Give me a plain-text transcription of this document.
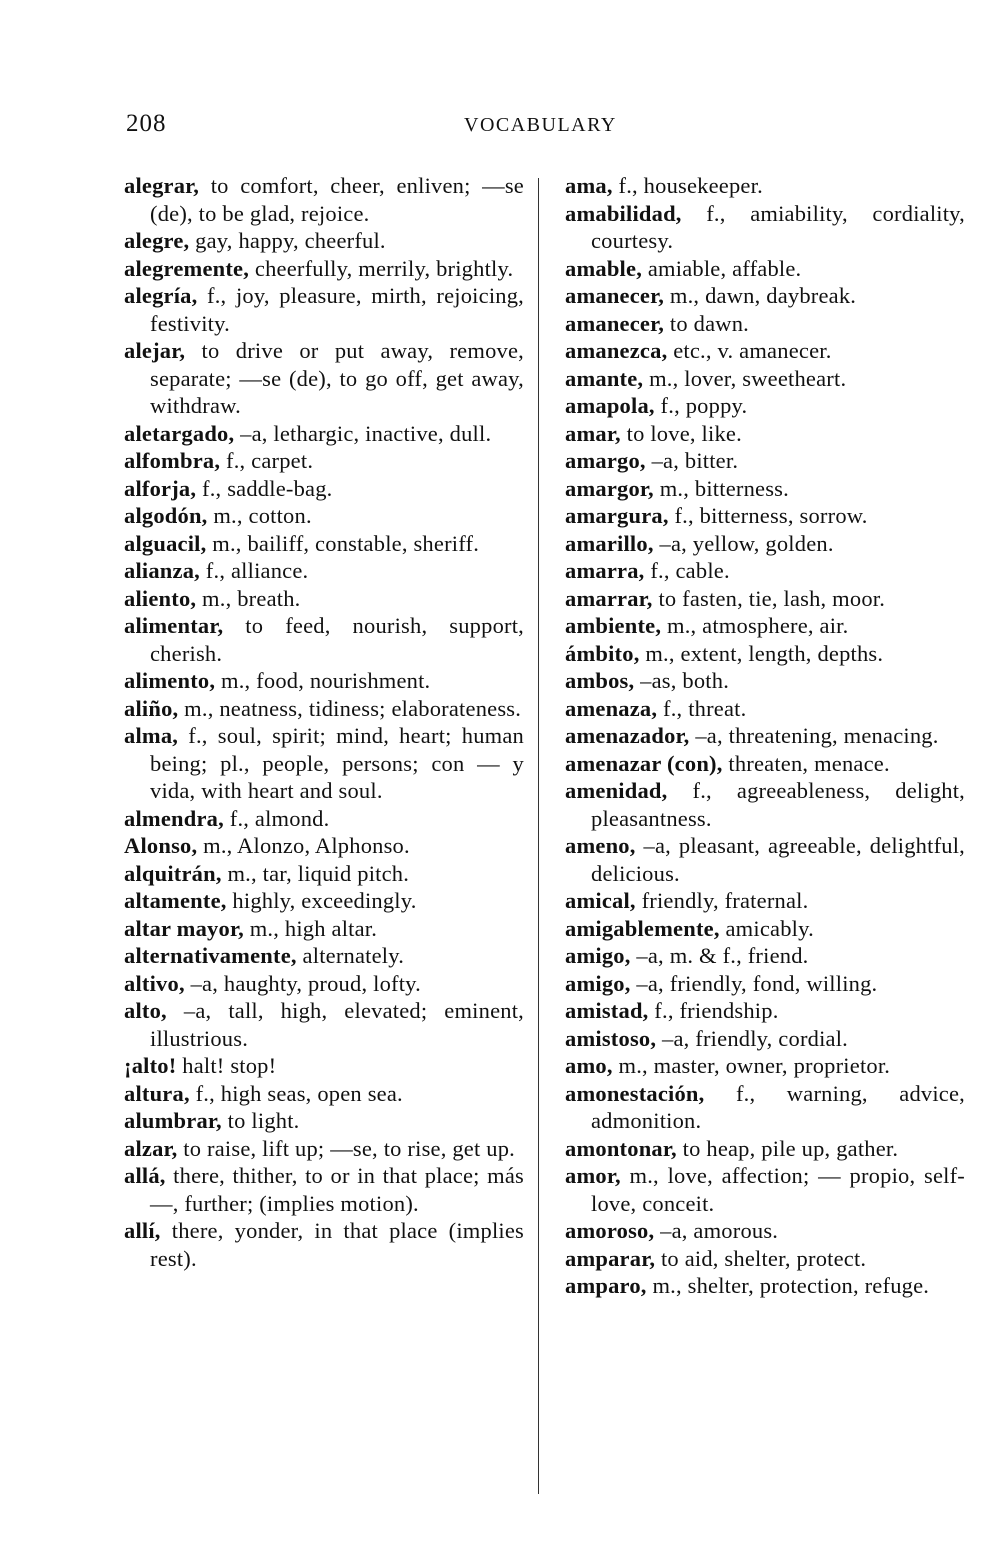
208	VOCABULARY
alegrar, to comfort, cheer, enliven; —se (de), to be glad, rejoice.
alegre, gay, happy, cheerful.
alegremente, cheerfully, merrily, brightly.
alegría, f., joy, pleasure, mirth, rejoicing, festivity.
alejar, to drive or put away, remove, separate; —se (de), to go off, get away, withdraw.
aletargado, –a, lethargic, inactive, dull.
alfombra, f., carpet.
alforja, f., saddle-bag.
algodón, m., cotton.
alguacil, m., bailiff, constable, sheriff.
alianza, f., alliance.
aliento, m., breath.
alimentar, to feed, nourish, support, cherish.
alimento, m., food, nourishment.
aliño, m., neatness, tidiness; elaborateness.
alma, f., soul, spirit; mind, heart; human being; pl., people, persons; con — y vida, with heart and soul.
almendra, f., almond.
Alonso, m., Alonzo, Alphonso.
alquitrán, m., tar, liquid pitch.
altamente, highly, exceedingly.
altar mayor, m., high altar.
alternativamente, alternately.
altivo, –a, haughty, proud, lofty.
alto, –a, tall, high, elevated; eminent, illustrious.
¡alto! halt! stop!
altura, f., high seas, open sea.
alumbrar, to light.
alzar, to raise, lift up; —se, to rise, get up.
allá, there, thither, to or in that place; más —, further; (implies motion).
allí, there, yonder, in that place (implies rest).
ama, f., housekeeper.
amabilidad, f., amiability, cordiality, courtesy.
amable, amiable, affable.
amanecer, m., dawn, daybreak.
amanecer, to dawn.
amanezca, etc., v. amanecer.
amante, m., lover, sweetheart.
amapola, f., poppy.
amar, to love, like.
amargo, –a, bitter.
amargor, m., bitterness.
amargura, f., bitterness, sorrow.
amarillo, –a, yellow, golden.
amarra, f., cable.
amarrar, to fasten, tie, lash, moor.
ambiente, m., atmosphere, air.
ámbito, m., extent, length, depths.
ambos, –as, both.
amenaza, f., threat.
amenazador, –a, threatening, menacing.
amenazar (con), threaten, menace.
amenidad, f., agreeableness, delight, pleasantness.
ameno, –a, pleasant, agreeable, delightful, delicious.
amical, friendly, fraternal.
amigablemente, amicably.
amigo, –a, m. & f., friend.
amigo, –a, friendly, fond, willing.
amistad, f., friendship.
amistoso, –a, friendly, cordial.
amo, m., master, owner, proprietor.
amonestación, f., warning, advice, admonition.
amontonar, to heap, pile up, gather.
amor, m., love, affection; — propio, self-love, conceit.
amoroso, –a, amorous.
amparar, to aid, shelter, protect.
amparo, m., shelter, protection, refuge.
